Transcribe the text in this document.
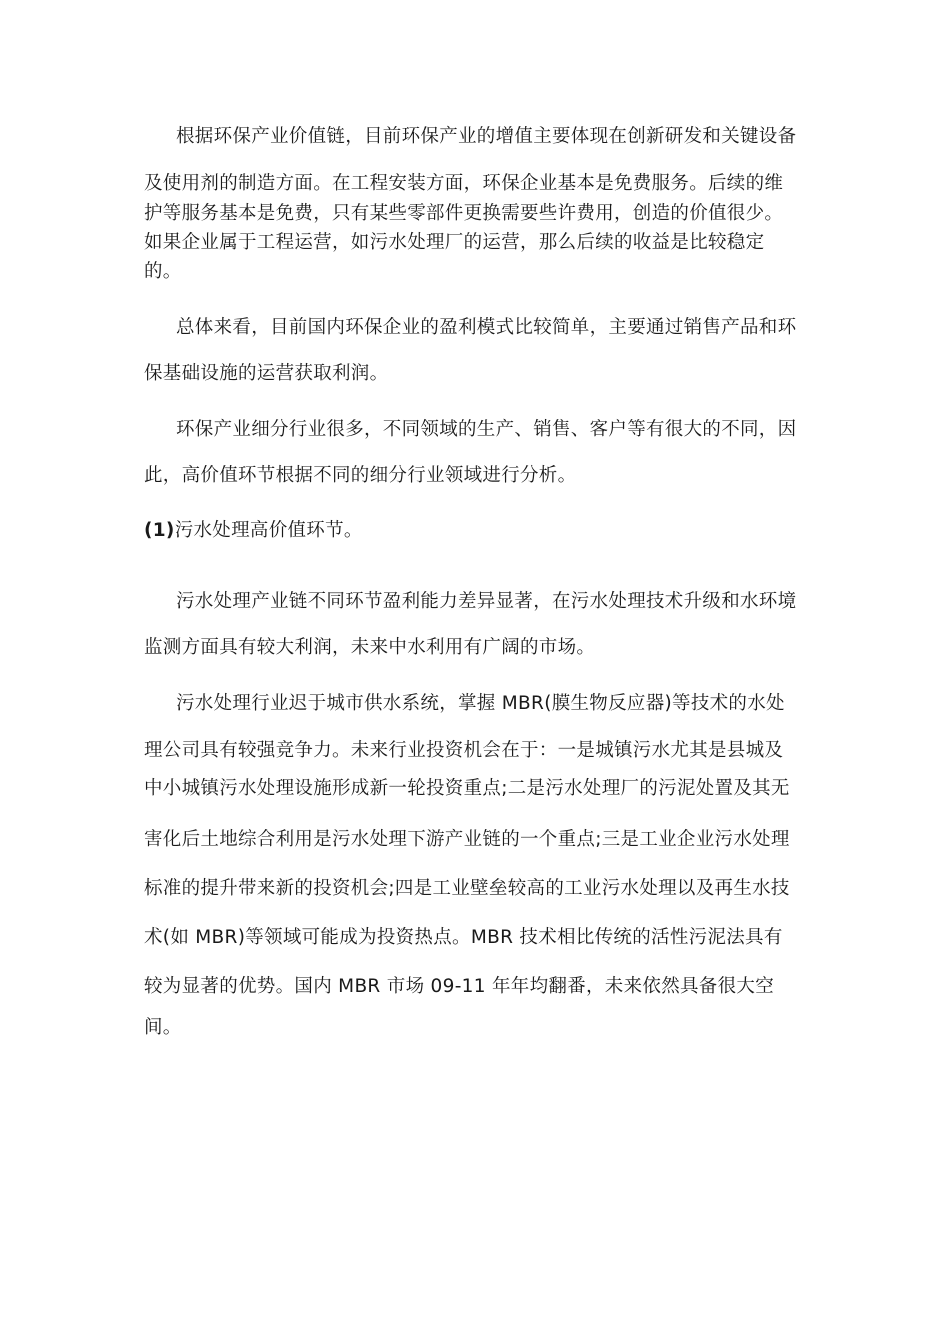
根据环保产业价值链，目前环保产业的增值主要体现在创新研发和关键设备
及使用剂的制造方面。在工程安装方面，环保企业基本是免费服务。后续的维
护等服务基本是免费，只有某些零部件更换需要些许费用，创造的价值很少。
如果企业属于工程运营，如污水处理厂的运营，那么后续的收益是比较稳定
的。
总体来看，目前国内环保企业的盈利模式比较简单，主要通过销售产品和环
保基础设施的运营获取利润。
环保产业细分行业很多，不同领域的生产、销售、客户等有很大的不同，因
此，高价值环节根据不同的细分行业领域进行分析。
(1)污水处理高价值环节。
污水处理产业链不同环节盈利能力差异显著，在污水处理技术升级和水环境
监测方面具有较大利润，未来中水利用有广阔的市场。
污水处理行业迟于城市供水系统，掌握 MBR(膜生物反应器)等技术的水处
理公司具有较强竞争力。未来行业投资机会在于：一是城镇污水尤其是县城及
中小城镇污水处理设施形成新一轮投资重点;二是污水处理厂的污泥处置及其无
害化后土地综合利用是污水处理下游产业链的一个重点;三是工业企业污水处理
标准的提升带来新的投资机会;四是工业壁垒较高的工业污水处理以及再生水技
术(如 MBR)等领域可能成为投资热点。MBR 技术相比传统的活性污泥法具有
较为显著的优势。国内 MBR 市场 09-11 年年均翻番，未来依然具备很大空
间。
